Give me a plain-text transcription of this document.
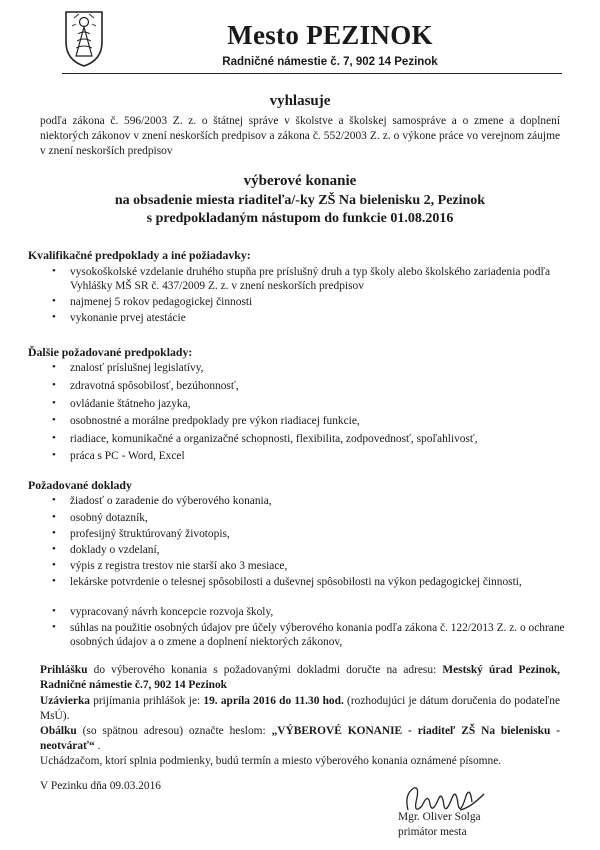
Mesto PEZINOK
Radničné námestie č. 7, 902 14 Pezinok
vyhlasuje
podľa zákona č. 596/2003 Z. z. o štátnej správe v školstve a školskej samospráve a o zmene a doplnení niektorých zákonov v znení neskorších predpisov a zákona č. 552/2003 Z. z. o výkone práce vo verejnom záujme v znení neskorších predpisov
výberové konanie
na obsadenie miesta riaditeľa/-ky ZŠ Na bielenisku 2, Pezinok
s predpokladaným nástupom do funkcie 01.08.2016
Kvalifikačné predpoklady a iné požiadavky:
•	vysokoškolské vzdelanie druhého stupňa pre príslušný druh a typ školy alebo školského zariadenia podľa Vyhlášky MŠ SR č. 437/2009 Z. z. v znení neskorších predpisov
•	najmenej 5 rokov pedagogickej činnosti
•	vykonanie prvej atestácie
Ďalšie požadované predpoklady:
•	znalosť príslušnej legislatívy,
•	zdravotná spôsobilosť, bezúhonnosť,
•	ovládanie štátneho jazyka,
•	osobnostné a morálne predpoklady pre výkon riadiacej funkcie,
•	riadiace, komunikačné a organizačné schopnosti, flexibilita, zodpovednosť, spoľahlivosť,
•	práca s PC - Word, Excel
Požadované doklady
•	žiadosť o zaradenie do výberového konania,
•	osobný dotazník,
•	profesijný štruktúrovaný životopis,
•	doklady o vzdelaní,
•	výpis z registra trestov nie starší ako 3 mesiace,
•	lekárske potvrdenie o telesnej spôsobilosti a duševnej spôsobilosti na výkon pedagogickej činnosti,
•	vypracovaný návrh koncepcie rozvoja školy,
•	súhlas na použitie osobných údajov pre účely výberového konania podľa zákona č. 122/2013 Z. z. o ochrane osobných údajov a o zmene a doplnení niektorých zákonov,
Prihlášku do výberového konania s požadovanými dokladmi doručte na adresu: Mestský úrad Pezinok, Radničné námestie č.7, 902 14 Pezinok
Uzávierka prijímania prihlášok je: 19. apríla 2016 do 11.30 hod. (rozhodujúci je dátum doručenia do podateľne MsÚ).
Obálku (so spätnou adresou) označte heslom: „VÝBEROVÉ KONANIE - riaditeľ ZŠ Na bielenisku - neotvárať“ .
Uchádzačom, ktorí splnia podmienky, budú termín a miesto výberového konania oznámené písomne.
V Pezinku dňa 09.03.2016
Mgr. Oliver Solga
primátor mesta
